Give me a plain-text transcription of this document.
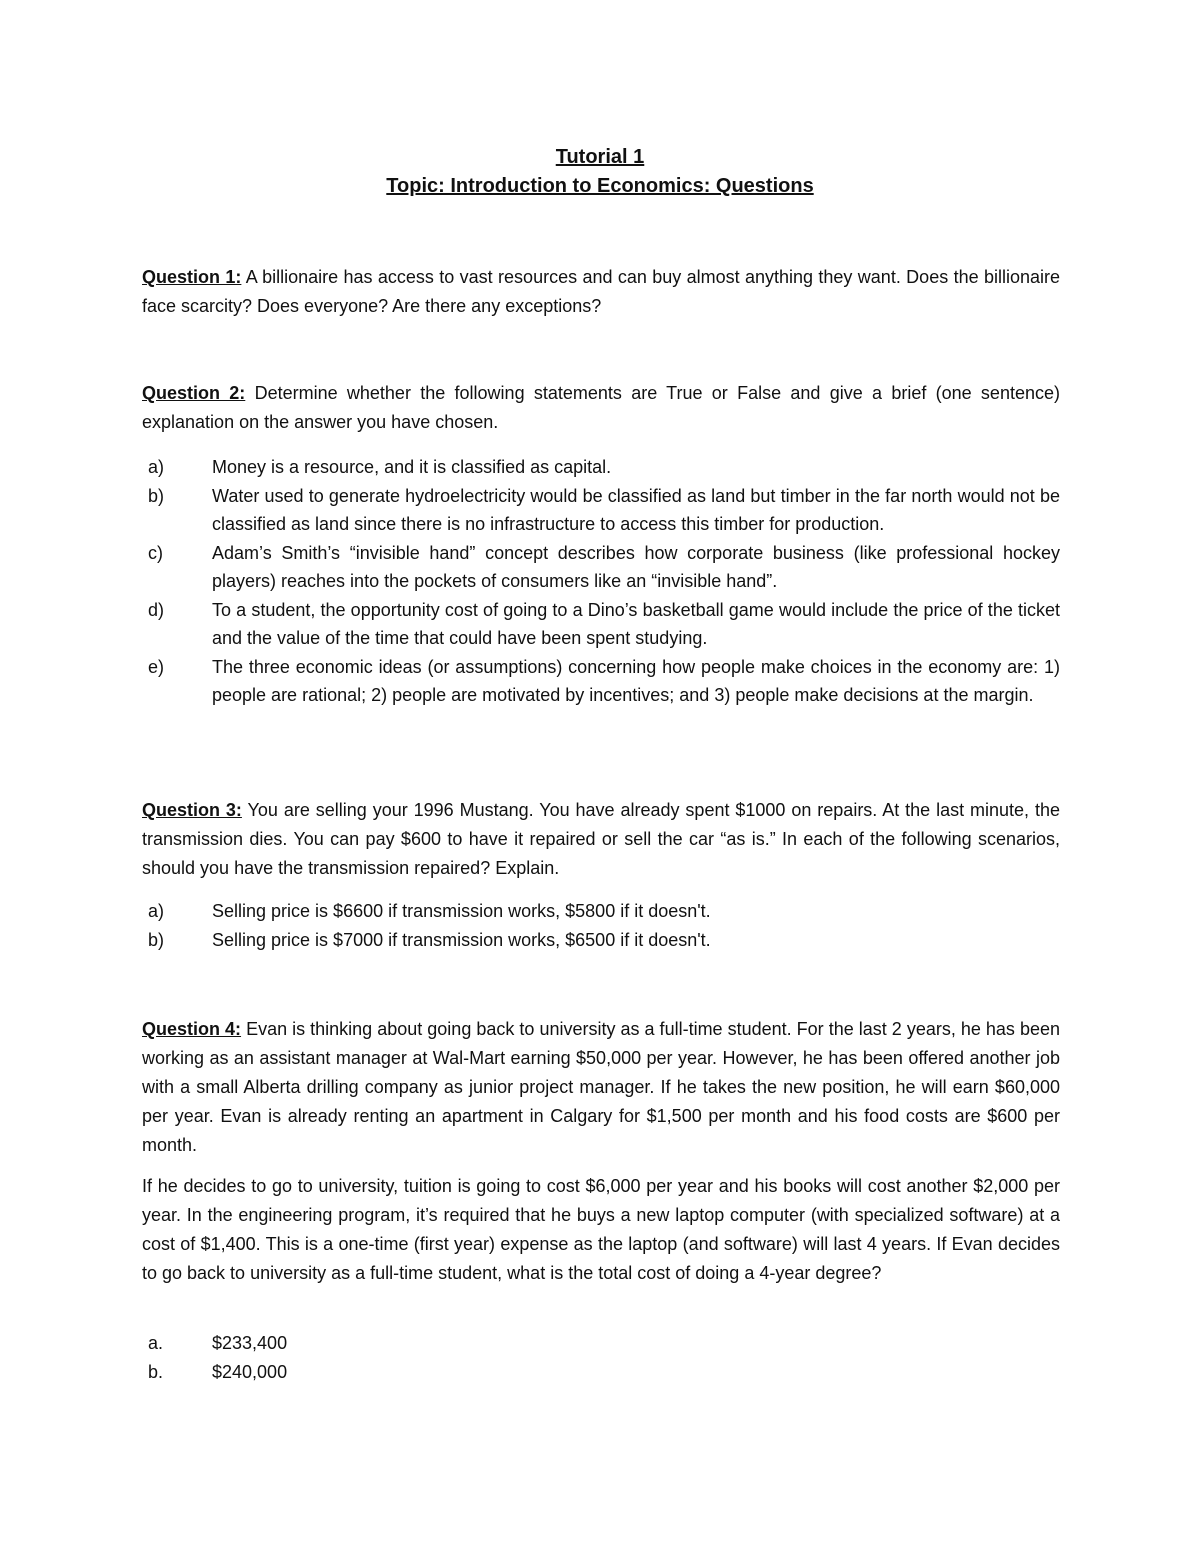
Tutorial 1
Topic: Introduction to Economics: Questions
Question 1: A billionaire has access to vast resources and can buy almost anything they want. Does the billionaire face scarcity? Does everyone? Are there any exceptions?
Question 2: Determine whether the following statements are True or False and give a brief (one sentence) explanation on the answer you have chosen.
a)	Money is a resource, and it is classified as capital.
b)	Water used to generate hydroelectricity would be classified as land but timber in the far north would not be classified as land since there is no infrastructure to access this timber for production.
c)	Adam’s Smith’s “invisible hand” concept describes how corporate business (like professional hockey players) reaches into the pockets of consumers like an “invisible hand”.
d)	To a student, the opportunity cost of going to a Dino’s basketball game would include the price of the ticket and the value of the time that could have been spent studying.
e)	The three economic ideas (or assumptions) concerning how people make choices in the economy are: 1) people are rational; 2) people are motivated by incentives; and 3) people make decisions at the margin.
Question 3: You are selling your 1996 Mustang. You have already spent $1000 on repairs. At the last minute, the transmission dies. You can pay $600 to have it repaired or sell the car “as is.” In each of the following scenarios, should you have the transmission repaired? Explain.
a)	Selling price is $6600 if transmission works, $5800 if it doesn't.
b)	Selling price is $7000 if transmission works, $6500 if it doesn't.
Question 4: Evan is thinking about going back to university as a full-time student. For the last 2 years, he has been working as an assistant manager at Wal-Mart earning $50,000 per year. However, he has been offered another job with a small Alberta drilling company as junior project manager. If he takes the new position, he will earn $60,000 per year. Evan is already renting an apartment in Calgary for $1,500 per month and his food costs are $600 per month.
If he decides to go to university, tuition is going to cost $6,000 per year and his books will cost another $2,000 per year. In the engineering program, it’s required that he buys a new laptop computer (with specialized software) at a cost of $1,400. This is a one-time (first year) expense as the laptop (and software) will last 4 years. If Evan decides to go back to university as a full-time student, what is the total cost of doing a 4-year degree?
a.	$233,400
b.	$240,000
